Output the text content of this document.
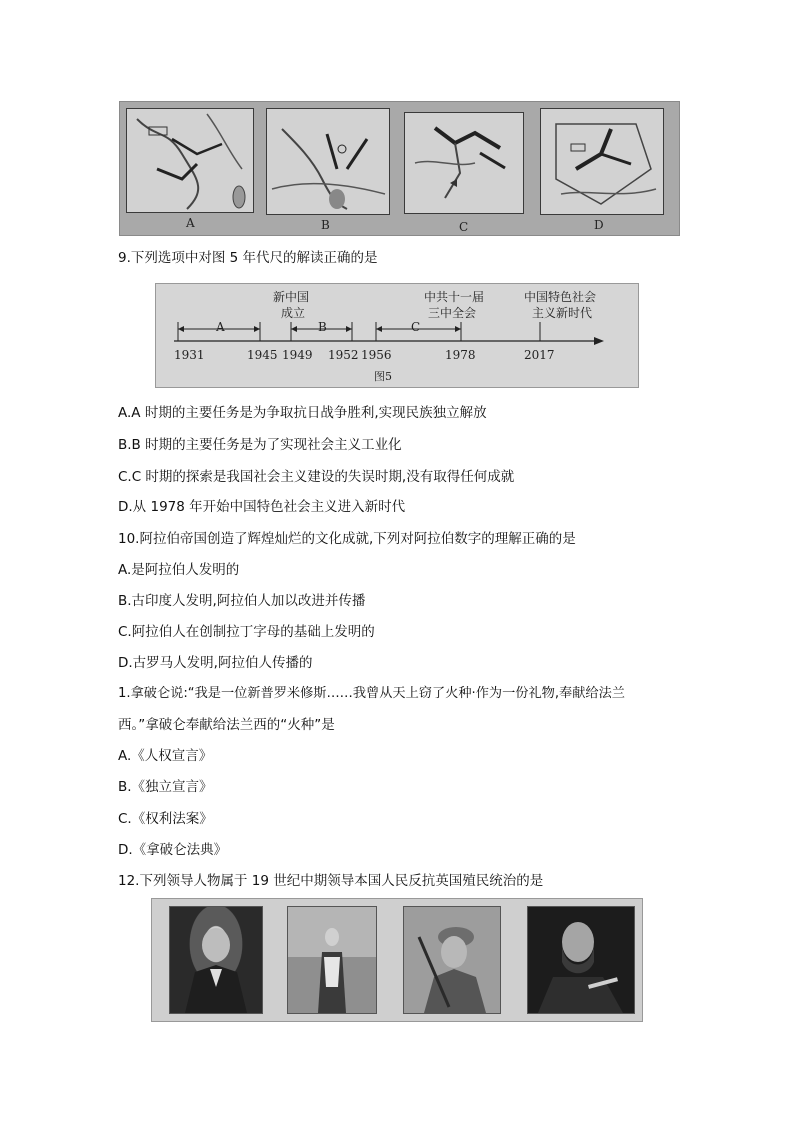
A	B	C	D
9.下列选项中对图 5 年代尺的解读正确的是
新中国
成立
中共十一届
三中全会
中国特色社会
主义新时代
A	B	C
1931	1945 1949 1952 1956	1978	2017
图5
A.A 时期的主要任务是为争取抗日战争胜利,实现民族独立解放
B.B 时期的主要任务是为了实现社会主义工业化
C.C 时期的探索是我国社会主义建设的失误时期,没有取得任何成就
D.从 1978 年开始中国特色社会主义进入新时代
10.阿拉伯帝国创造了辉煌灿烂的文化成就,下列对阿拉伯数字的理解正确的是
A.是阿拉伯人发明的
B.古印度人发明,阿拉伯人加以改进并传播
C.阿拉伯人在创制拉丁字母的基础上发明的
D.古罗马人发明,阿拉伯人传播的
1.拿破仑说:“我是一位新普罗米修斯……我曾从天上窃了火种·作为一份礼物,奉献给法兰
西。”拿破仑奉献给法兰西的“火种”是
A.《人权宣言》
B.《独立宣言》
C.《权利法案》
D.《拿破仑法典》
12.下列领导人物属于 19 世纪中期领导本国人民反抗英国殖民统治的是
